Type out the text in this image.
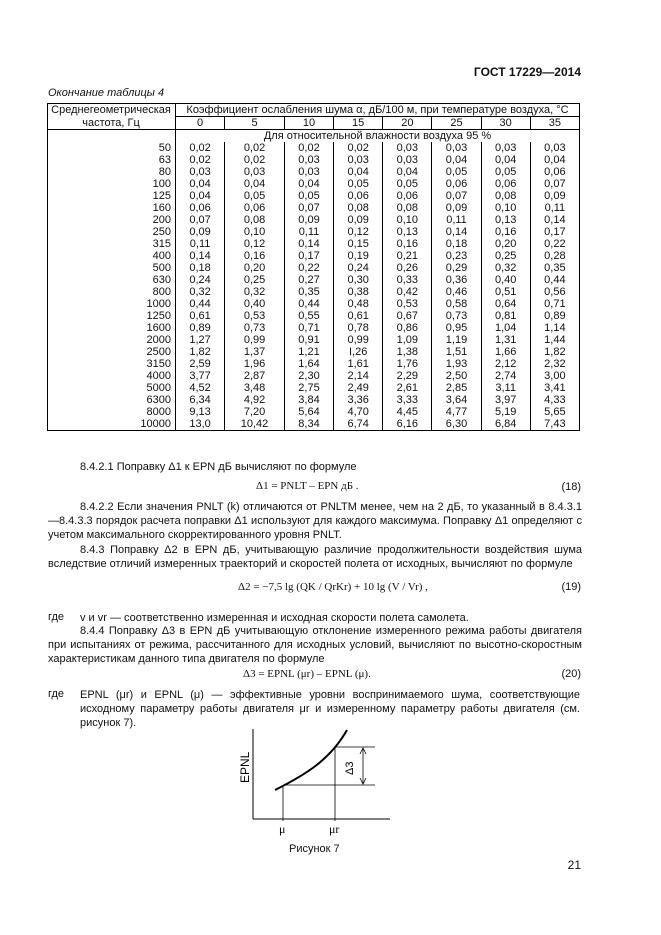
ГОСТ 17229—2014
Окончание таблицы 4
Среднегеометрическая	Коэффициент ослабления шума α, дБ/100 м, при температуре воздуха, °С							
частота, Гц	0	5	10	15	20	25	30	35
	Для относительной влажности воздуха 95 %							
50	0,02	0,02	0,02	0,02	0,03	0,03	0,03	0,03
63	0,02	0,02	0,03	0,03	0,03	0,04	0,04	0,04
80	0,03	0,03	0,03	0,04	0,04	0,05	0,05	0,06
100	0,04	0,04	0,04	0,05	0,05	0,06	0,06	0,07
125	0,04	0,05	0,05	0,06	0,06	0,07	0,08	0,09
160	0,06	0,06	0,07	0,08	0,08	0,09	0,10	0,11
200	0,07	0,08	0,09	0,09	0,10	0,11	0,13	0,14
250	0,09	0,10	0,11	0,12	0,13	0,14	0,16	0,17
315	0,11	0,12	0,14	0,15	0,16	0,18	0,20	0,22
400	0,14	0,16	0,17	0,19	0,21	0,23	0,25	0,28
500	0,18	0,20	0,22	0,24	0,26	0,29	0,32	0,35
630	0,24	0,25	0,27	0,30	0,33	0,36	0,40	0,44
800	0,32	0,32	0,35	0,38	0,42	0,46	0,51	0,56
1000	0,44	0,40	0,44	0,48	0,53	0,58	0,64	0,71
1250	0,61	0,53	0,55	0,61	0,67	0,73	0,81	0,89
1600	0,89	0,73	0,71	0,78	0,86	0,95	1,04	1,14
2000	1,27	0,99	0,91	0,99	1,09	1,19	1,31	1,44
2500	1,82	1,37	1,21	I,26	1,38	1,51	1,66	1,82
3150	2,59	1,96	1,64	1,61	1,76	1,93	2,12	2,32
4000	3,77	2,87	2,30	2,14	2,29	2,50	2,74	3,00
5000	4,52	3,48	2,75	2,49	2,61	2,85	3,11	3,41
6300	6,34	4,92	3,84	3,36	3,33	3,64	3,97	4,33
8000	9,13	7,20	5,64	4,70	4,45	4,77	5,19	5,65
10000	13,0	10,42	8,34	6,74	6,16	6,30	6,84	7,43
8.4.2.1 Поправку Δ1 к EPN дБ вычисляют по формуле
Δ1 = PNLT – EPN дБ .	(18)
8.4.2.2 Если значения PNLT (k) отличаются от PNLTM менее, чем на 2 дБ, то указанный в 8.4.3.1—8.4.3.3 порядок расчета поправки Δ1 используют для каждого максимума. Поправку Δ1 определяют с учетом максимального скорректированного уровня PNLT.
8.4.3 Поправку Δ2 в EPN дБ, учитывающую различие продолжительности воздействия шума вследствие отличий измеренных траекторий и скоростей полета от исходных, вычисляют по формуле
Δ2 = −7,5 lg (QK / QrKr) + 10 lg (V / Vr) ,	(19)
где v и vr — соответственно измеренная и исходная скорости полета самолета.
8.4.4 Поправку Δ3 в EPN дБ учитывающую отклонение измеренного режима работы двигателя при испытаниях от режима, рассчитанного для исходных условий, вычисляют по высотно-скоростным характеристикам данного типа двигателя по формуле
Δ3 = EPNL (μr) – EPNL (μ).	(20)
где EPNL (μr) и EPNL (μ) — эффективные уровни воспринимаемого шума, соответствующие исходному параметру работы двигателя μr и измеренному параметру работы двигателя (см. рисунок 7).
EPNL	Δ3
μ	μr
Рисунок 7
21
